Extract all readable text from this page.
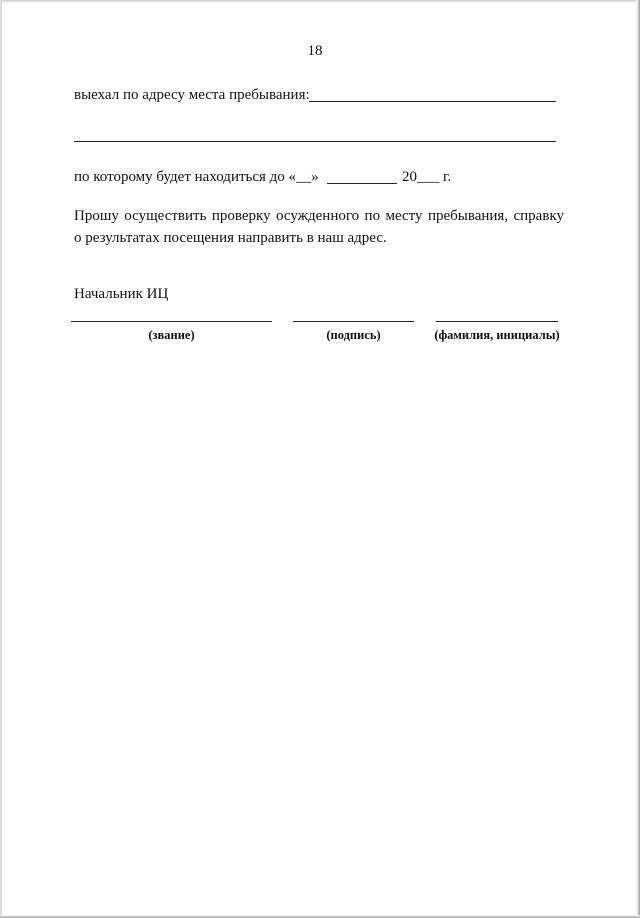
18
выехал по адресу места пребывания:
по которому будет находиться до «__»	20___ г.
Прошу осуществить проверку осужденного по месту пребывания, справку
о результатах посещения направить в наш адрес.
Начальник ИЦ
(звание)	(подпись)	(фамилия, инициалы)
